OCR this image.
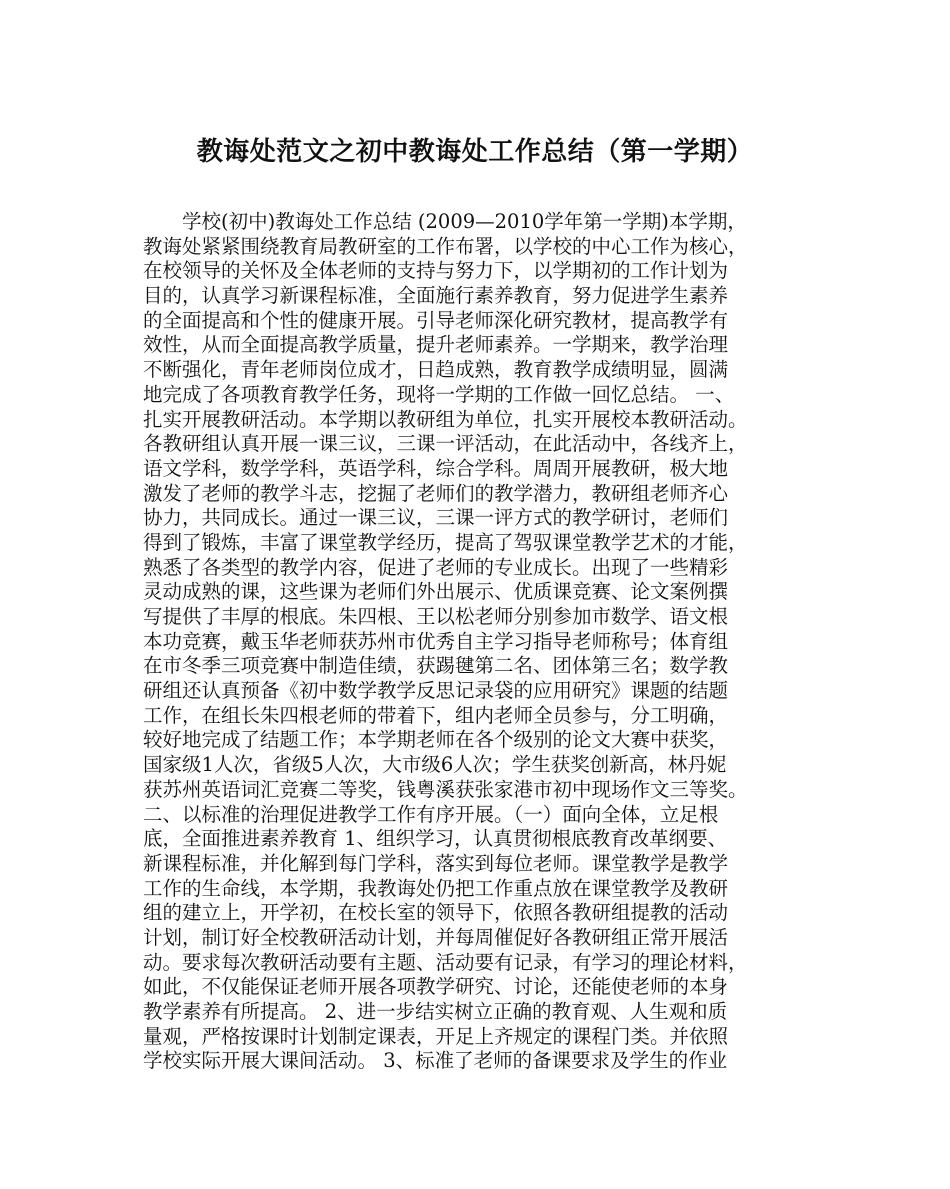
教诲处范文之初中教诲处工作总结（第一学期）
　　学校(初中)教诲处工作总结 (2009—2010学年第一学期)本学期，
教诲处紧紧围绕教育局教研室的工作布署，以学校的中心工作为核心，
在校领导的关怀及全体老师的支持与努力下，以学期初的工作计划为
目的，认真学习新课程标准，全面施行素养教育，努力促进学生素养
的全面提高和个性的健康开展。引导老师深化研究教材，提高教学有
效性，从而全面提高教学质量，提升老师素养。一学期来，教学治理
不断强化，青年老师岗位成才，日趋成熟，教育教学成绩明显，圆满
地完成了各项教育教学任务，现将一学期的工作做一回忆总结。 一、
扎实开展教研活动。本学期以教研组为单位，扎实开展校本教研活动。
各教研组认真开展一课三议，三课一评活动，在此活动中，各线齐上，
语文学科，数学学科，英语学科，综合学科。周周开展教研，极大地
激发了老师的教学斗志，挖掘了老师们的教学潜力，教研组老师齐心
协力，共同成长。通过一课三议，三课一评方式的教学研讨，老师们
得到了锻炼，丰富了课堂教学经历，提高了驾驭课堂教学艺术的才能，
熟悉了各类型的教学内容，促进了老师的专业成长。出现了一些精彩
灵动成熟的课，这些课为老师们外出展示、优质课竞赛、论文案例撰
写提供了丰厚的根底。朱四根、王以松老师分别参加市数学、语文根
本功竞赛，戴玉华老师获苏州市优秀自主学习指导老师称号；体育组
在市冬季三项竞赛中制造佳绩，获踢毽第二名、团体第三名；数学教
研组还认真预备《初中数学教学反思记录袋的应用研究》课题的结题
工作，在组长朱四根老师的带着下，组内老师全员参与，分工明确，
较好地完成了结题工作；本学期老师在各个级别的论文大赛中获奖，
国家级1人次，省级5人次，大市级6人次；学生获奖创新高，林丹妮
获苏州英语词汇竞赛二等奖，钱粤溪获张家港市初中现场作文三等奖。
二、以标准的治理促进教学工作有序开展。（一）面向全体，立足根
底，全面推进素养教育 1、组织学习，认真贯彻根底教育改革纲要、
新课程标准，并化解到每门学科，落实到每位老师。课堂教学是教学
工作的生命线，本学期，我教诲处仍把工作重点放在课堂教学及教研
组的建立上，开学初，在校长室的领导下，依照各教研组提教的活动
计划，制订好全校教研活动计划，并每周催促好各教研组正常开展活
动。要求每次教研活动要有主题、活动要有记录，有学习的理论材料，
如此，不仅能保证老师开展各项教学研究、讨论，还能使老师的本身
教学素养有所提高。 2、进一步结实树立正确的教育观、人生观和质
量观，严格按课时计划制定课表，开足上齐规定的课程门类。并依照
学校实际开展大课间活动。 3、标准了老师的备课要求及学生的作业
